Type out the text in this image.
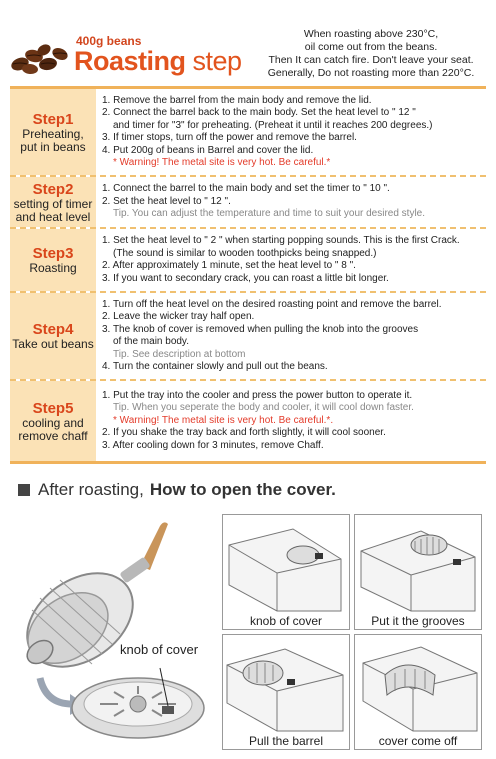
400g beans
Roasting step
When roasting above 230°C,
oil come out from the beans.
Then It can catch fire. Don't leave your seat.
Generally, Do not roasting more than 220°C.
Step1
Preheating,
put in beans
1. Remove the barrel from the main body and remove the lid.
2. Connect the barrel back to the main body. Set the heat level to " 12 "
and timer for "3" for preheating. (Preheat it until it reaches 200 degrees.)
3. If timer stops, turn off the power and remove the barrel.
4. Put 200g of beans in Barrel and cover the lid.
* Warning! The metal site is very hot. Be careful.*
Step2
setting of timer
and heat level
1. Connect the barrel to the main body and set the timer to " 10 ".
2. Set the heat level to " 12 ".
Tip. You can adjust the temperature and time to suit your desired style.
Step3
Roasting
1. Set the heat level to " 2 " when starting popping sounds. This is the first Crack.
(The sound is similar to wooden toothpicks being snapped.)
2. After approximately 1 minute, set the heat level to " 8 ".
3. If you want to secondary crack, you can roast a little bit longer.
Step4
Take out beans
1. Turn off the heat level on the desired roasting point and remove the barrel.
2. Leave the wicker tray half open.
3. The knob of cover is removed when pulling the knob into the grooves
of the main body.
Tip. See description at bottom
4. Turn the container slowly and pull out the beans.
Step5
cooling and
remove chaff
1. Put the tray into the cooler and press the power button to operate it.
Tip. When you seperate the body and cooler, it will cool down faster.
* Warning! The metal site is very hot. Be careful.*.
2. If you shake the tray back and forth slightly, it will cool sooner.
3. After cooling down for 3 minutes, remove Chaff.
After roasting, How to open the cover.
knob of cover
knob of cover	Put it the grooves
Pull the barrel	cover come off
